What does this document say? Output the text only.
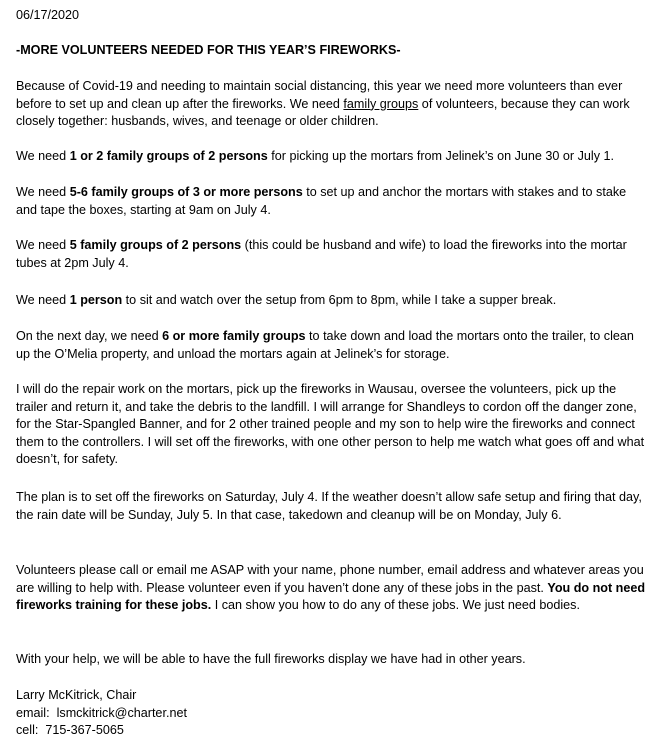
06/17/2020

-MORE VOLUNTEERS NEEDED FOR THIS YEAR’S FIREWORKS-

Because of Covid-19 and needing to maintain social distancing, this year we need more volunteers than ever before to set up and clean up after the fireworks. We need family groups of volunteers, because they can work closely together: husbands, wives, and teenage or older children.

We need 1 or 2 family groups of 2 persons for picking up the mortars from Jelinek’s on June 30 or July 1.

We need 5-6 family groups of 3 or more persons to set up and anchor the mortars with stakes and to stake and tape the boxes, starting at 9am on July 4.

We need 5 family groups of 2 persons (this could be husband and wife) to load the fireworks into the mortar tubes at 2pm July 4.

We need 1 person to sit and watch over the setup from 6pm to 8pm, while I take a supper break.

On the next day, we need 6 or more family groups to take down and load the mortars onto the trailer, to clean up the O’Melia property, and unload the mortars again at Jelinek’s for storage.

I will do the repair work on the mortars, pick up the fireworks in Wausau, oversee the volunteers, pick up the trailer and return it, and take the debris to the landfill. I will arrange for Shandleys to cordon off the danger zone, for the Star-Spangled Banner, and for 2 other trained people and my son to help wire the fireworks and connect them to the controllers. I will set off the fireworks, with one other person to help me watch what goes off and what doesn’t, for safety.

The plan is to set off the fireworks on Saturday, July 4. If the weather doesn’t allow safe setup and firing that day, the rain date will be Sunday, July 5. In that case, takedown and cleanup will be on Monday, July 6.

Volunteers please call or email me ASAP with your name, phone number, email address and whatever areas you are willing to help with. Please volunteer even if you haven’t done any of these jobs in the past. You do not need fireworks training for these jobs. I can show you how to do any of these jobs. We just need bodies.

With your help, we will be able to have the full fireworks display we have had in other years.

Larry McKitrick, Chair
email:  lsmckitrick@charter.net
cell:  715-367-5065
